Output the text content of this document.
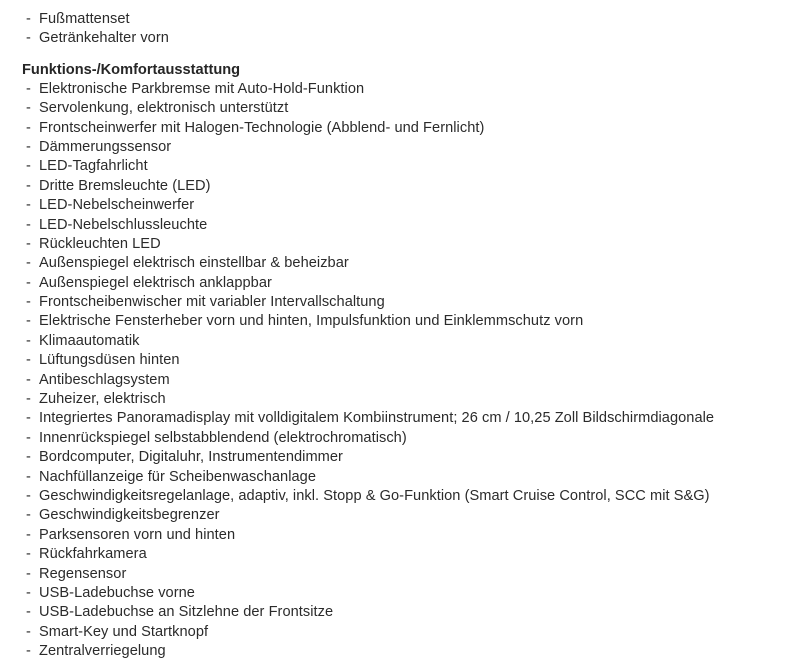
- Fußmattenset
- Getränkehalter vorn
Funktions-/Komfortausstattung
- Elektronische Parkbremse mit Auto-Hold-Funktion
- Servolenkung, elektronisch unterstützt
- Frontscheinwerfer mit Halogen-Technologie (Abblend- und Fernlicht)
- Dämmerungssensor
- LED-Tagfahrlicht
- Dritte Bremsleuchte (LED)
- LED-Nebelscheinwerfer
- LED-Nebelschlussleuchte
- Rückleuchten LED
- Außenspiegel elektrisch einstellbar & beheizbar
- Außenspiegel elektrisch anklappbar
- Frontscheibenwischer mit variabler Intervallschaltung
- Elektrische Fensterheber vorn und hinten, Impulsfunktion und Einklemmschutz vorn
- Klimaautomatik
- Lüftungsdüsen hinten
- Antibeschlagsystem
- Zuheizer, elektrisch
- Integriertes Panoramadisplay mit volldigitalem Kombiinstrument; 26 cm / 10,25 Zoll Bildschirmdiagonale
- Innenrückspiegel selbstabblendend (elektrochromatisch)
- Bordcomputer, Digitaluhr, Instrumentendimmer
- Nachfüllanzeige für Scheibenwaschanlage
- Geschwindigkeitsregelanlage, adaptiv, inkl. Stopp & Go-Funktion (Smart Cruise Control, SCC mit S&G)
- Geschwindigkeitsbegrenzer
- Parksensoren vorn und hinten
- Rückfahrkamera
- Regensensor
- USB-Ladebuchse vorne
- USB-Ladebuchse an Sitzlehne der Frontsitze
- Smart-Key und Startknopf
- Zentralverriegelung
